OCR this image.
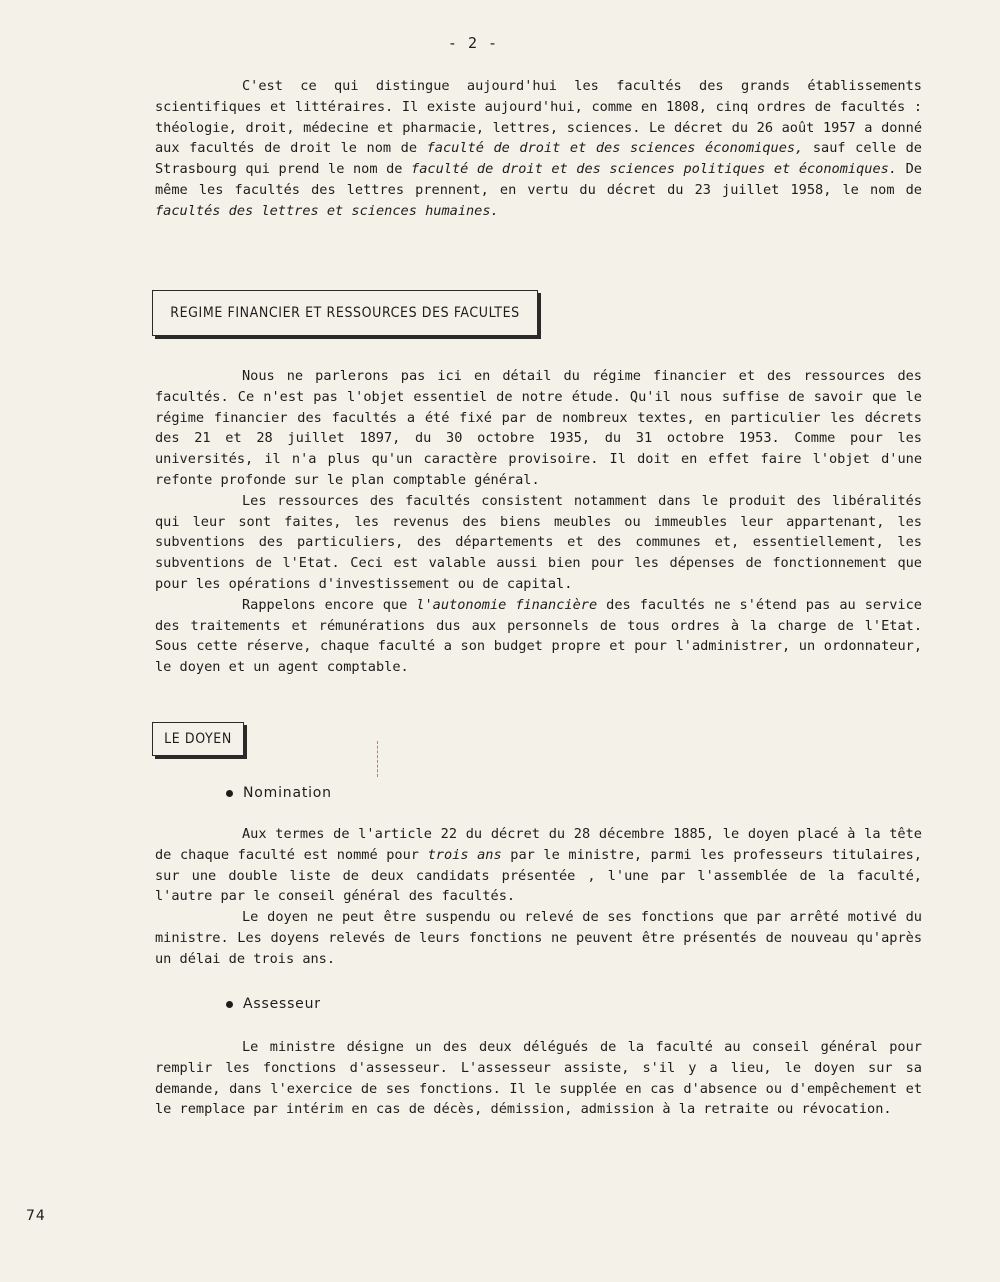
- 2 -

C'est ce qui distingue aujourd'hui les facultés des grands établissements scientifiques et littéraires. Il existe aujourd'hui, comme en 1808, cinq ordres de facultés : théologie, droit, médecine et pharmacie, lettres, sciences. Le décret du 26 août 1957 a donné aux facultés de droit le nom de faculté de droit et des sciences économiques, sauf celle de Strasbourg qui prend le nom de faculté de droit et des sciences politiques et économiques. De même les facultés des lettres prennent, en vertu du décret du 23 juillet 1958, le nom de facultés des lettres et sciences humaines.

REGIME FINANCIER ET RESSOURCES DES FACULTES

Nous ne parlerons pas ici en détail du régime financier et des ressources des facultés. Ce n'est pas l'objet essentiel de notre étude. Qu'il nous suffise de savoir que le régime financier des facultés a été fixé par de nombreux textes, en particulier les décrets des 21 et 28 juillet 1897, du 30 octobre 1935, du 31 octobre 1953. Comme pour les universités, il n'a plus qu'un caractère provisoire. Il doit en effet faire l'objet d'une refonte profonde sur le plan comptable général.

Les ressources des facultés consistent notamment dans le produit des libéralités qui leur sont faites, les revenus des biens meubles ou immeubles leur appartenant, les subventions des particuliers, des départements et des communes et, essentiellement, les subventions de l'Etat. Ceci est valable aussi bien pour les dépenses de fonctionnement que pour les opérations d'investissement ou de capital.

Rappelons encore que l'autonomie financière des facultés ne s'étend pas au service des traitements et rémunérations dus aux personnels de tous ordres à la charge de l'Etat. Sous cette réserve, chaque faculté a son budget propre et pour l'administrer, un ordonnateur, le doyen et un agent comptable.

LE DOYEN
Nomination

Aux termes de l'article 22 du décret du 28 décembre 1885, le doyen placé à la tête de chaque faculté est nommé pour trois ans par le ministre, parmi les professeurs titulaires, sur une double liste de deux candidats présentée , l'une par l'assemblée de la faculté, l'autre par le conseil général des facultés.

Le doyen ne peut être suspendu ou relevé de ses fonctions que par arrêté motivé du ministre. Les doyens relevés de leurs fonctions ne peuvent être présentés de nouveau qu'après un délai de trois ans.

Assesseur

Le ministre désigne un des deux délégués de la faculté au conseil général pour remplir les fonctions d'assesseur. L'assesseur assiste, s'il y a lieu, le doyen sur sa demande, dans l'exercice de ses fonctions. Il le supplée en cas d'absence ou d'empêchement et le remplace par intérim en cas de décès, démission, admission à la retraite ou révocation.

74
